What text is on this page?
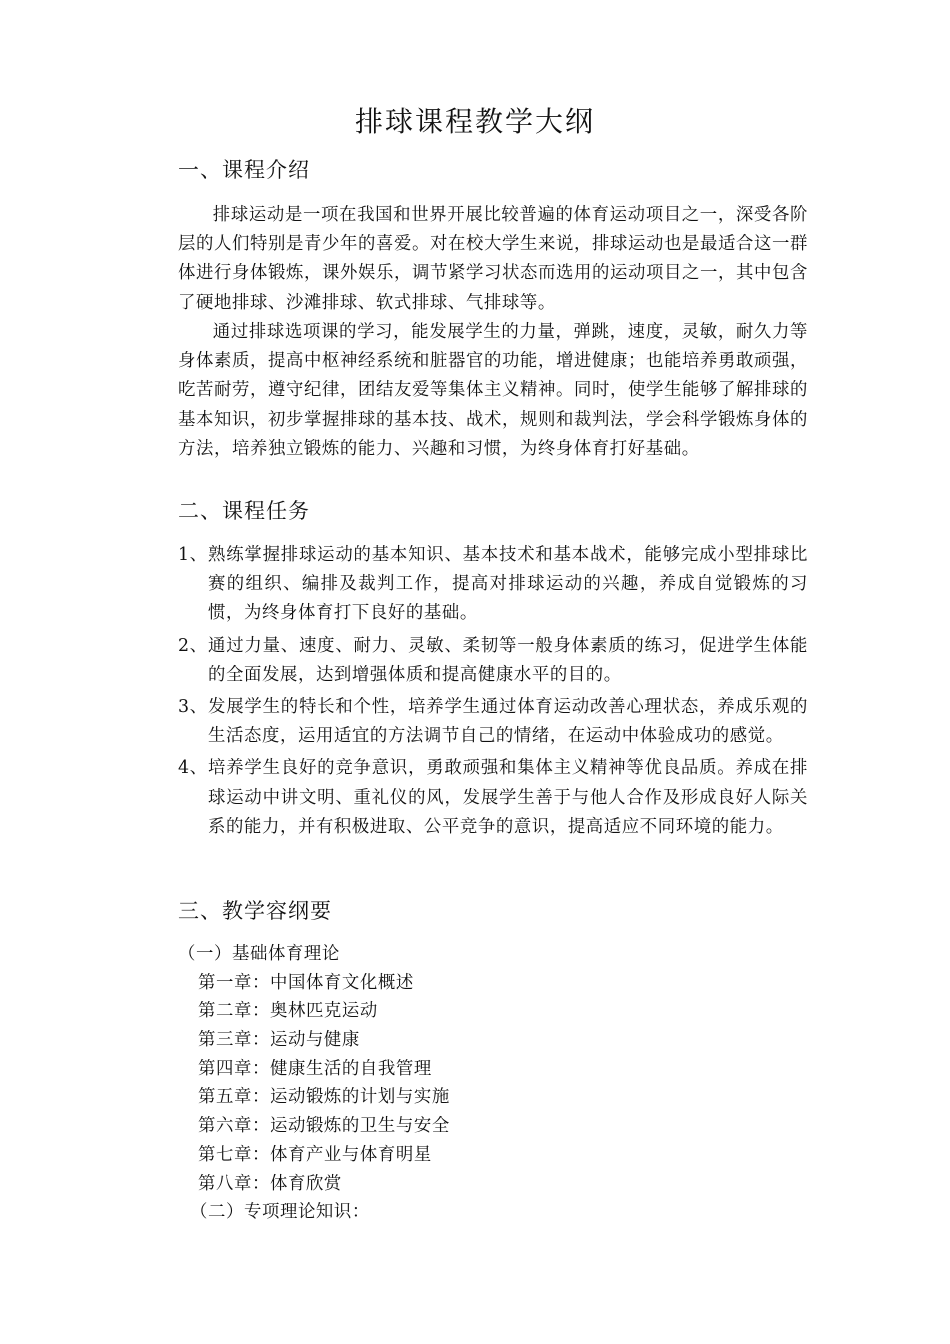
排球课程教学大纲
一、课程介绍
排球运动是一项在我国和世界开展比较普遍的体育运动项目之一，深受各阶层的人们特别是青少年的喜爱。对在校大学生来说，排球运动也是最适合这一群体进行身体锻炼，课外娱乐，调节紧学习状态而选用的运动项目之一，其中包含了硬地排球、沙滩排球、软式排球、气排球等。
通过排球选项课的学习，能发展学生的力量，弹跳，速度，灵敏，耐久力等身体素质，提高中枢神经系统和脏器官的功能，增进健康；也能培养勇敢顽强，吃苦耐劳，遵守纪律，团结友爱等集体主义精神。同时，使学生能够了解排球的基本知识，初步掌握排球的基本技、战术，规则和裁判法，学会科学锻炼身体的方法，培养独立锻炼的能力、兴趣和习惯，为终身体育打好基础。
二、课程任务
1、 熟练掌握排球运动的基本知识、基本技术和基本战术，能够完成小型排球比赛的组织、编排及裁判工作，提高对排球运动的兴趣，养成自觉锻炼的习惯，为终身体育打下良好的基础。
2、 通过力量、速度、耐力、灵敏、柔韧等一般身体素质的练习，促进学生体能的全面发展，达到增强体质和提高健康水平的目的。
3、 发展学生的特长和个性，培养学生通过体育运动改善心理状态，养成乐观的生活态度，运用适宜的方法调节自己的情绪，在运动中体验成功的感觉。
4、 培养学生良好的竞争意识，勇敢顽强和集体主义精神等优良品质。养成在排球运动中讲文明、重礼仪的风，发展学生善于与他人合作及形成良好人际关系的能力，并有积极进取、公平竞争的意识，提高适应不同环境的能力。
三、教学容纲要
（一）基础体育理论
第一章：中国体育文化概述
第二章：奥林匹克运动
第三章：运动与健康
第四章：健康生活的自我管理
第五章：运动锻炼的计划与实施
第六章：运动锻炼的卫生与安全
第七章：体育产业与体育明星
第八章：体育欣赏
（二）专项理论知识：
